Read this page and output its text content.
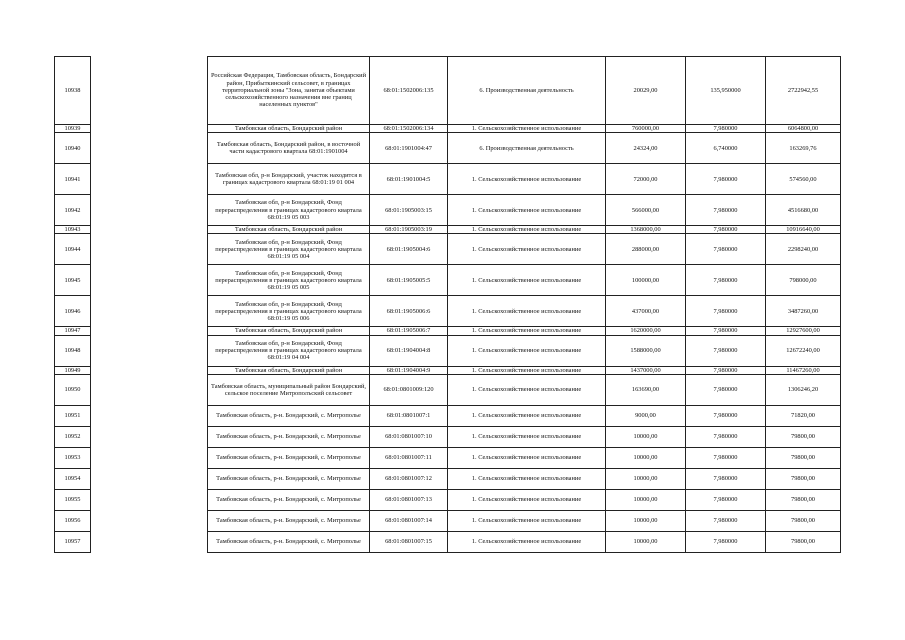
10938		Российская Федерация, Тамбовская область, Бондарский район, Прибыткинский сельсовет, в границах территориальной зоны "Зона, занятая объектами сельскохозяйственного назначения вне границ населенных пунктов"	68:01:1502006:135	6. Производственная деятельность	20029,00	135,950000	2722942,55
10939		Тамбовская область, Бондарский район	68:01:1502006:134	1. Сельскохозяйственное использование	760000,00	7,980000	6064800,00
10940		Тамбовская область, Бондарский район, в восточной части кадастрового квартала 68:01:1901004	68:01:1901004:47	6. Производственная деятельность	24324,00	6,740000	163269,76
10941		Тамбовская обл, р-н Бондарский, участок находится в границах кадастрового квартала 68:01:19 01 004	68:01:1901004:5	1. Сельскохозяйственное использование	72000,00	7,980000	574560,00
10942		Тамбовская обл, р-н Бондарский, Фонд перераспределения в границах кадастрового квартала 68:01:19 05 003	68:01:1905003:15	1. Сельскохозяйственное использование	566000,00	7,980000	4516680,00
10943		Тамбовская область, Бондарский район	68:01:1905003:19	1. Сельскохозяйственное использование	1368000,00	7,980000	10916640,00
10944		Тамбовская обл, р-н Бондарский, Фонд перераспределения в границах кадастрового квартала 68:01:19 05 004	68:01:1905004:6	1. Сельскохозяйственное использование	288000,00	7,980000	2298240,00
10945		Тамбовская обл, р-н Бондарский, Фонд перераспределения в границах кадастрового квартала 68:01:19 05 005	68:01:1905005:5	1. Сельскохозяйственное использование	100000,00	7,980000	798000,00
10946		Тамбовская обл, р-н Бондарский, Фонд перераспределения в границах кадастрового квартала 68:01:19 05 006	68:01:1905006:6	1. Сельскохозяйственное использование	437000,00	7,980000	3487260,00
10947		Тамбовская область, Бондарский район	68:01:1905006:7	1. Сельскохозяйственное использование	1620000,00	7,980000	12927600,00
10948		Тамбовская обл, р-н Бондарский, Фонд перераспределения в границах кадастрового квартала 68:01:19 04 004	68:01:1904004:8	1. Сельскохозяйственное использование	1588000,00	7,980000	12672240,00
10949		Тамбовская область, Бондарский район	68:01:1904004:9	1. Сельскохозяйственное использование	1437000,00	7,980000	11467260,00
10950		Тамбовская область, муниципальный район Бондарский, сельское поселение Митрополъский сельсовет	68:01:0801009:120	1. Сельскохозяйственное использование	163690,00	7,980000	1306246,20
10951		Тамбовская область, р-н. Бондарский, с. Митрополье	68:01:0801007:1	1. Сельскохозяйственное использование	9000,00	7,980000	71820,00
10952		Тамбовская область, р-н. Бондарский, с. Митрополье	68:01:0801007:10	1. Сельскохозяйственное использование	10000,00	7,980000	79800,00
10953		Тамбовская область, р-н. Бондарский, с. Митрополье	68:01:0801007:11	1. Сельскохозяйственное использование	10000,00	7,980000	79800,00
10954		Тамбовская область, р-н. Бондарский, с. Митрополье	68:01:0801007:12	1. Сельскохозяйственное использование	10000,00	7,980000	79800,00
10955		Тамбовская область, р-н. Бондарский, с. Митрополье	68:01:0801007:13	1. Сельскохозяйственное использование	10000,00	7,980000	79800,00
10956		Тамбовская область, р-н. Бондарский, с. Митрополье	68:01:0801007:14	1. Сельскохозяйственное использование	10000,00	7,980000	79800,00
10957		Тамбовская область, р-н. Бондарский, с. Митрополье	68:01:0801007:15	1. Сельскохозяйственное использование	10000,00	7,980000	79800,00
